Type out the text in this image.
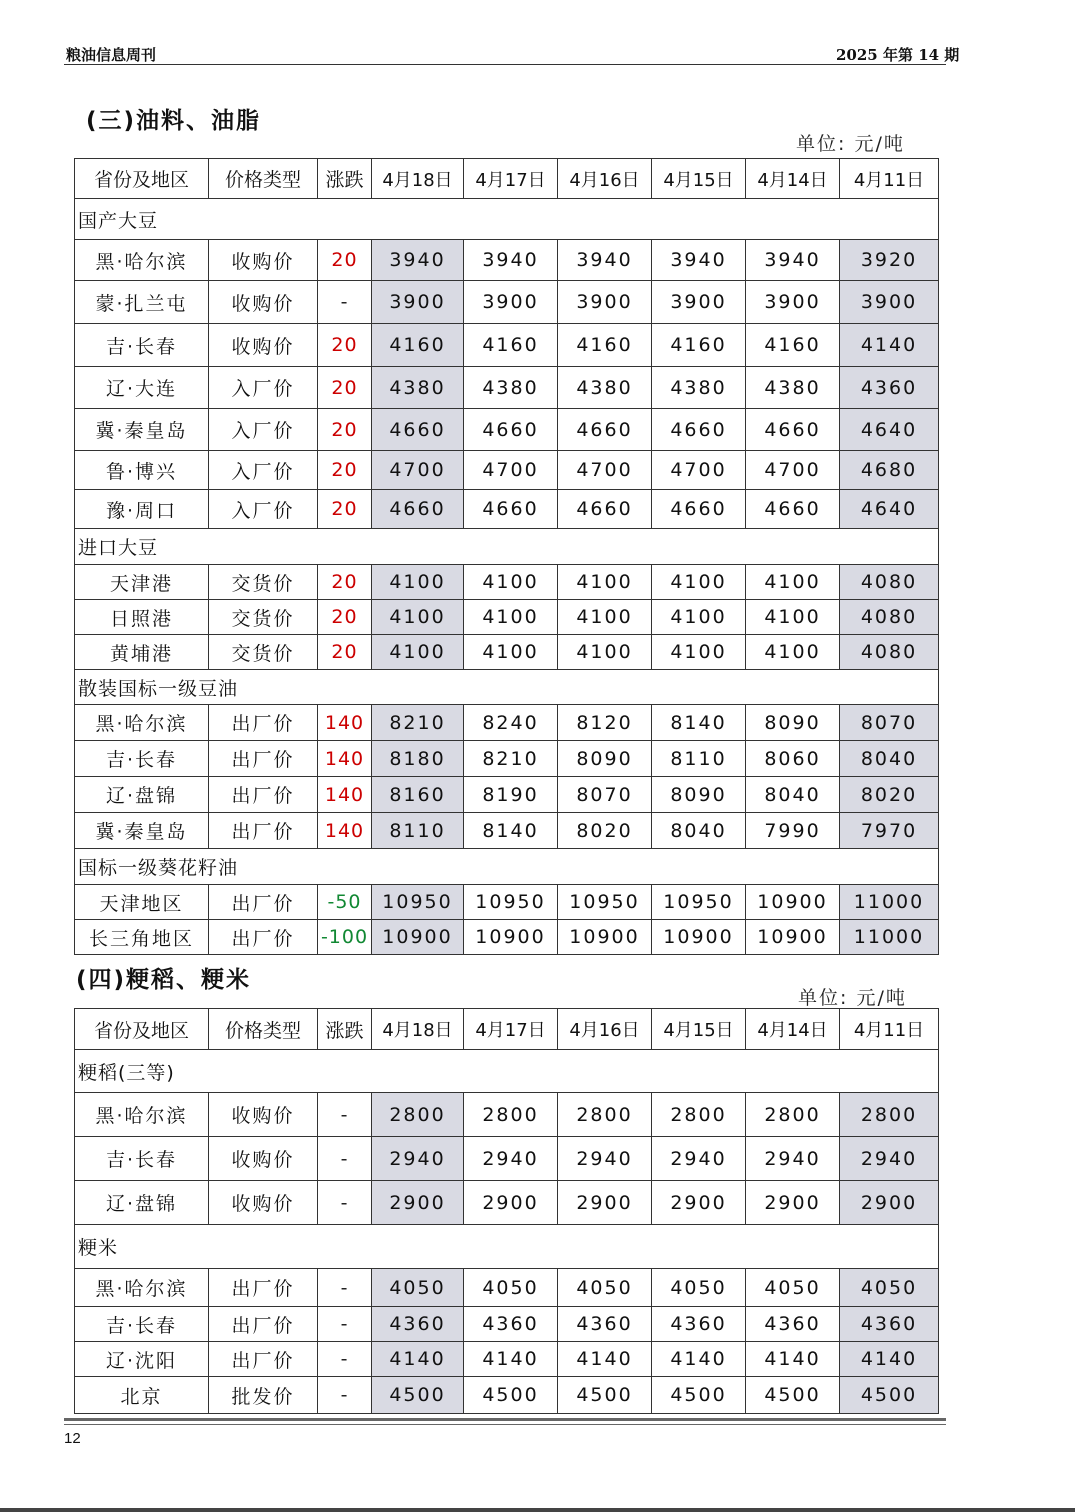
粮油信息周刊	2025 年第 14 期
(三)油料、油脂
单位: 元/吨
省份及地区	价格类型	涨跌	4月18日	4月17日	4月16日	4月15日	4月14日	4月11日
国产大豆								
黑·哈尔滨	收购价	20	3940	3940	3940	3940	3940	3920
蒙·扎兰屯	收购价	-	3900	3900	3900	3900	3900	3900
吉·长春	收购价	20	4160	4160	4160	4160	4160	4140
辽·大连	入厂价	20	4380	4380	4380	4380	4380	4360
冀·秦皇岛	入厂价	20	4660	4660	4660	4660	4660	4640
鲁·博兴	入厂价	20	4700	4700	4700	4700	4700	4680
豫·周口	入厂价	20	4660	4660	4660	4660	4660	4640
进口大豆								
天津港	交货价	20	4100	4100	4100	4100	4100	4080
日照港	交货价	20	4100	4100	4100	4100	4100	4080
黄埔港	交货价	20	4100	4100	4100	4100	4100	4080
散装国标一级豆油								
黑·哈尔滨	出厂价	140	8210	8240	8120	8140	8090	8070
吉·长春	出厂价	140	8180	8210	8090	8110	8060	8040
辽·盘锦	出厂价	140	8160	8190	8070	8090	8040	8020
冀·秦皇岛	出厂价	140	8110	8140	8020	8040	7990	7970
国标一级葵花籽油								
天津地区	出厂价	-50	10950	10950	10950	10950	10900	11000
长三角地区	出厂价	-100	10900	10900	10900	10900	10900	11000
(四)粳稻、粳米
单位: 元/吨
省份及地区	价格类型	涨跌	4月18日	4月17日	4月16日	4月15日	4月14日	4月11日
粳稻(三等)								
黑·哈尔滨	收购价	-	2800	2800	2800	2800	2800	2800
吉·长春	收购价	-	2940	2940	2940	2940	2940	2940
辽·盘锦	收购价	-	2900	2900	2900	2900	2900	2900
粳米								
黑·哈尔滨	出厂价	-	4050	4050	4050	4050	4050	4050
吉·长春	出厂价	-	4360	4360	4360	4360	4360	4360
辽·沈阳	出厂价	-	4140	4140	4140	4140	4140	4140
北京	批发价	-	4500	4500	4500	4500	4500	4500
12
